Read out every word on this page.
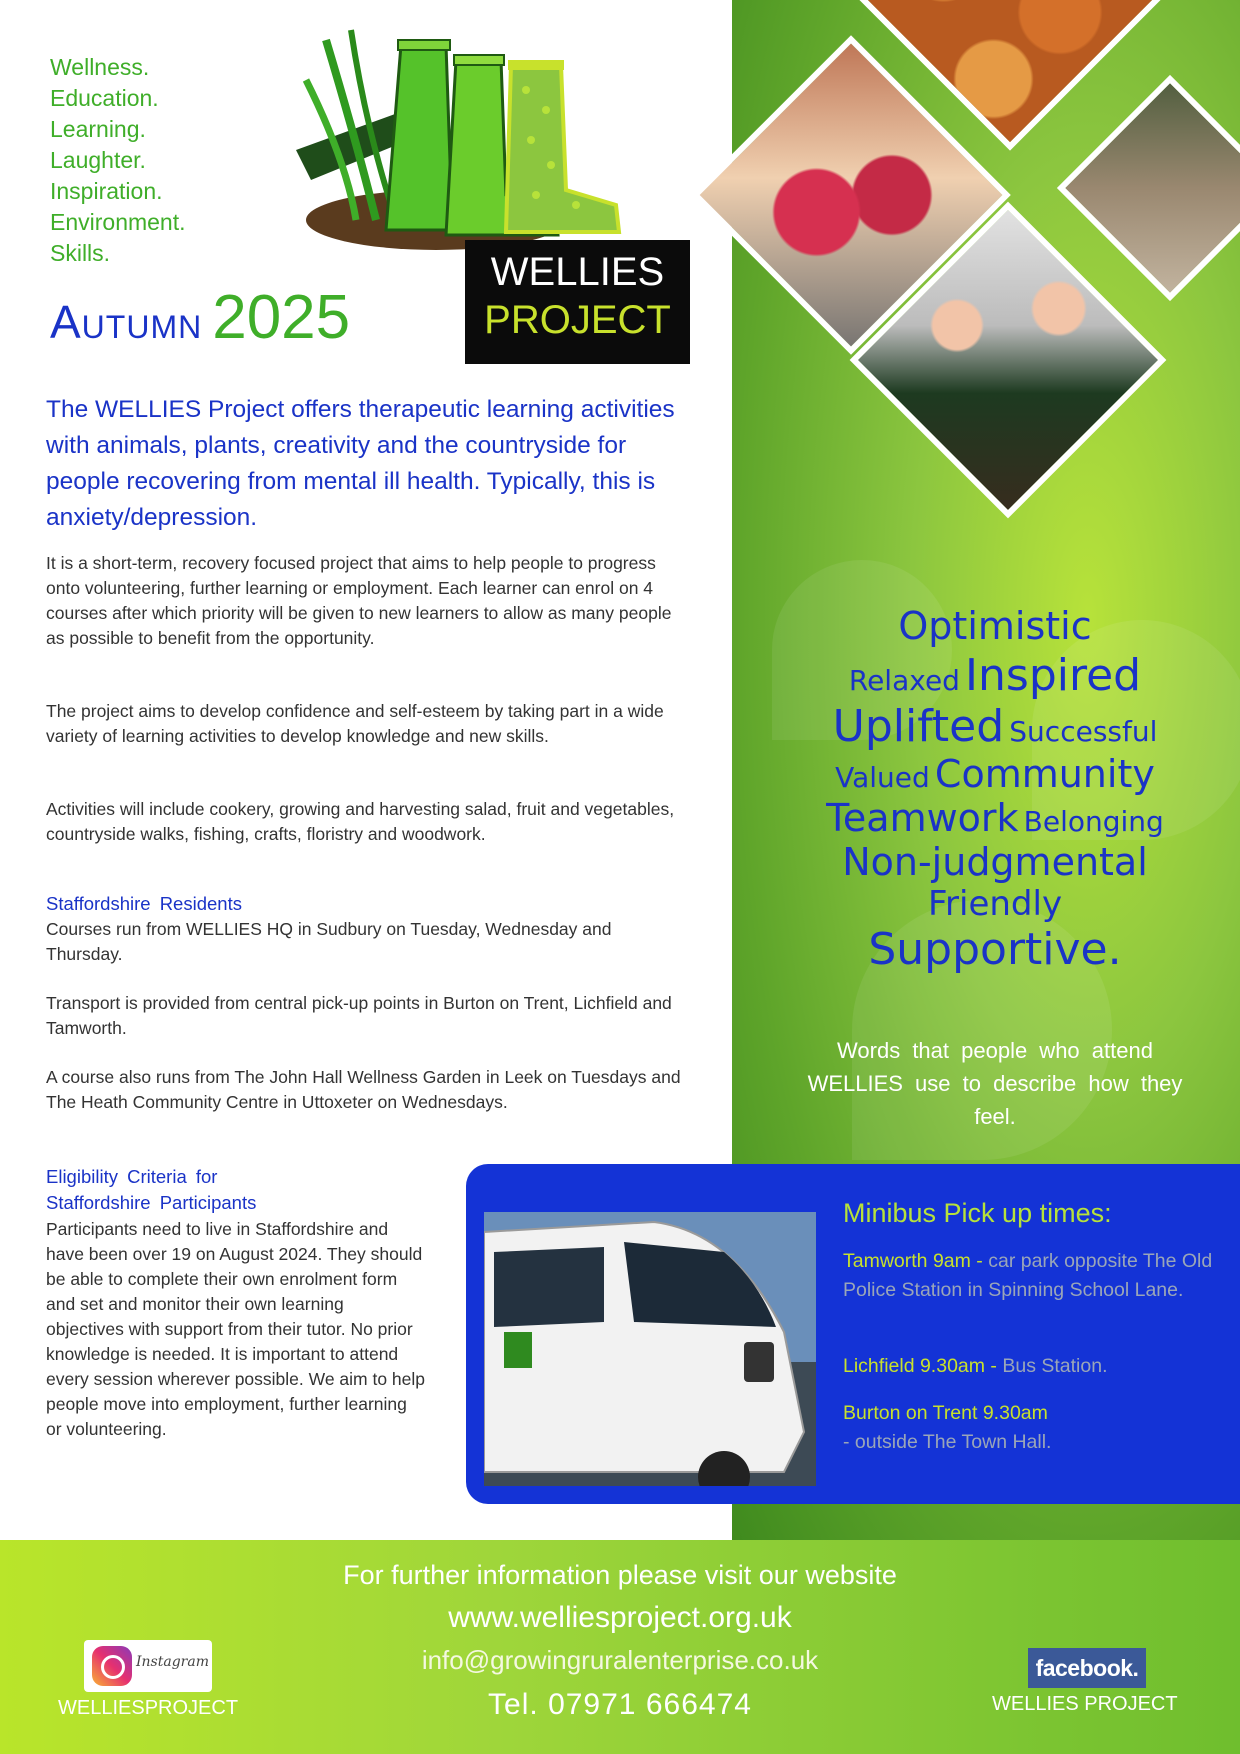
Wellness.
Education.
Learning.
Laughter.
Inspiration.
Environment.
Skills.
Autumn 2025
WELLIES
PROJECT
Optimistic
Relaxed Inspired
Uplifted Successful
Valued Community
Teamwork Belonging
Non-judgmental
Friendly
Supportive.
Words that people who attend WELLIES use to describe how they feel.
The WELLIES Project offers therapeutic learning activities with animals, plants, creativity and the countryside for people recovering from mental ill health. Typically, this is anxiety/depression.
It is a short-term, recovery focused project that aims to help people to progress onto volunteering, further learning or employment. Each learner can enrol on 4 courses after which priority will be given to new learners to allow as many people as possible to benefit from the opportunity.
The project aims to develop confidence and self-esteem by taking part in a wide variety of learning activities to develop knowledge and new skills.
Activities will include cookery, growing and harvesting salad, fruit and vegetables, countryside walks, fishing, crafts, floristry and woodwork.
Staffordshire Residents
Courses run from WELLIES HQ in Sudbury on Tuesday, Wednesday and Thursday.
Transport is provided from central pick-up points in Burton on Trent, Lichfield and Tamworth.
A course also runs from The John Hall Wellness Garden in Leek on Tuesdays and The Heath Community Centre in Uttoxeter on Wednesdays.
Eligibility Criteria for
Staffordshire Participants
Participants need to live in Staffordshire and have been over 19 on August 2024. They should be able to complete their own enrolment form and set and monitor their own learning objectives with support from their tutor. No prior knowledge is needed. It is important to attend every session wherever possible. We aim to help people move into employment, further learning or volunteering.
Minibus Pick up times:
Tamworth 9am - car park opposite The Old Police Station in Spinning School Lane.
Lichfield 9.30am - Bus Station.
Burton on Trent 9.30am
- outside The Town Hall.
For further information please visit our website
www.welliesproject.org.uk
info@growingruralenterprise.co.uk
Tel. 07971 666474
Instagram
WELLIESPROJECT
facebook.
WELLIES PROJECT
